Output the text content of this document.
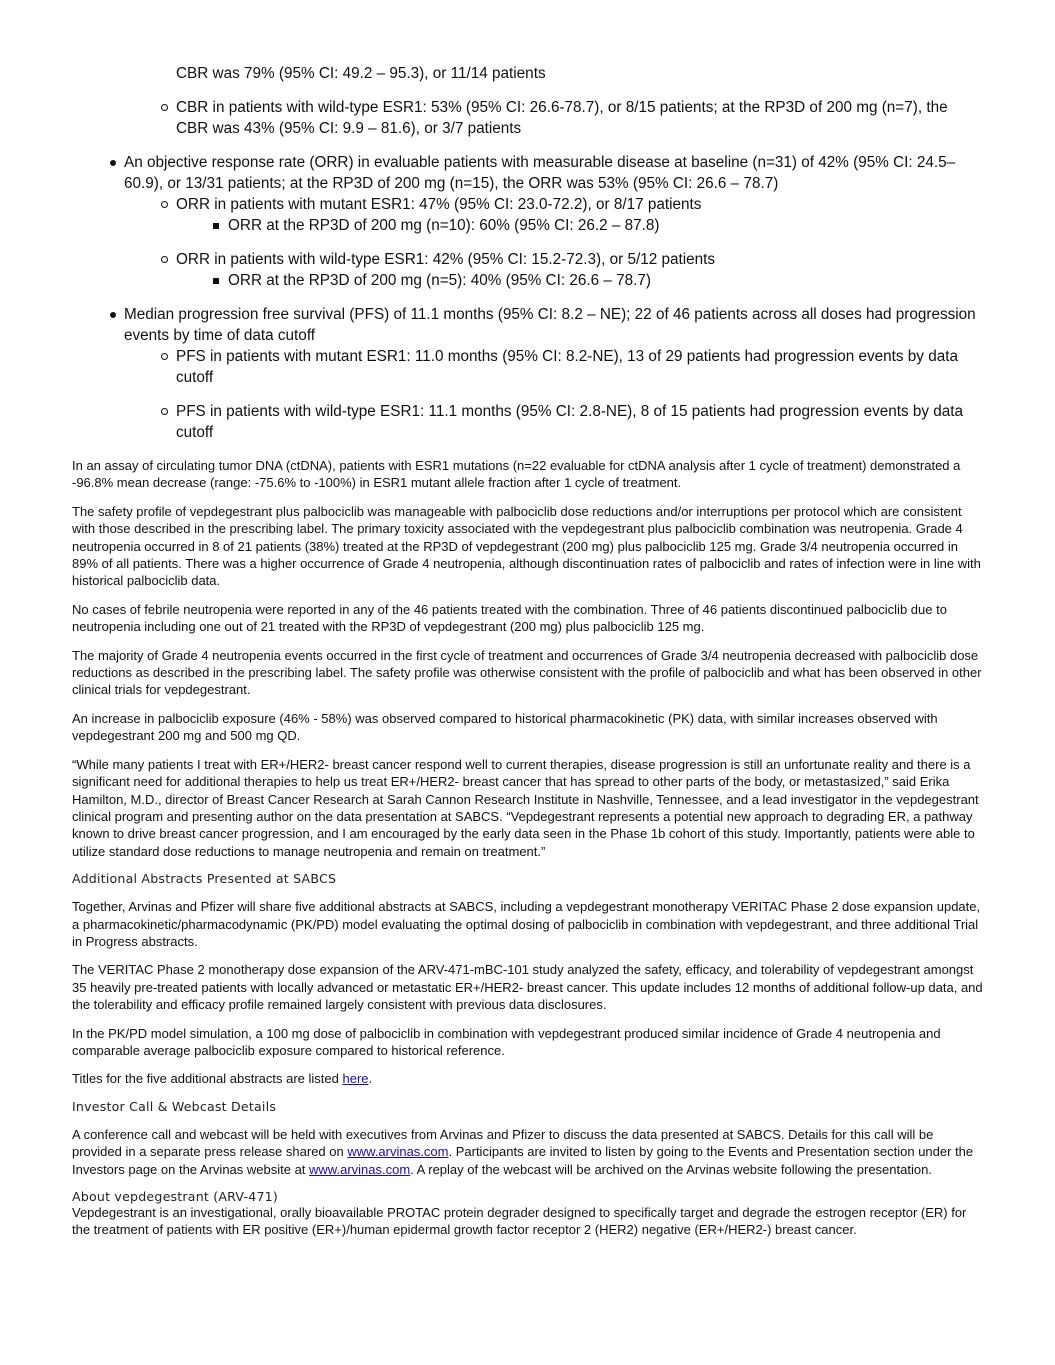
CBR was 79% (95% CI: 49.2 – 95.3), or 11/14 patients
CBR in patients with wild-type ESR1: 53% (95% CI: 26.6-78.7), or 8/15 patients; at the RP3D of 200 mg (n=7), the CBR was 43% (95% CI: 9.9 – 81.6), or 3/7 patients
An objective response rate (ORR) in evaluable patients with measurable disease at baseline (n=31) of 42% (95% CI: 24.5–60.9), or 13/31 patients; at the RP3D of 200 mg (n=15), the ORR was 53% (95% CI: 26.6 – 78.7)
ORR in patients with mutant ESR1: 47% (95% CI: 23.0-72.2), or 8/17 patients
ORR at the RP3D of 200 mg (n=10): 60% (95% CI: 26.2 – 87.8)
ORR in patients with wild-type ESR1: 42% (95% CI: 15.2-72.3), or 5/12 patients
ORR at the RP3D of 200 mg (n=5): 40% (95% CI: 26.6 – 78.7)
Median progression free survival (PFS) of 11.1 months (95% CI: 8.2 – NE); 22 of 46 patients across all doses had progression events by time of data cutoff
PFS in patients with mutant ESR1: 11.0 months (95% CI: 8.2-NE), 13 of 29 patients had progression events by data cutoff
PFS in patients with wild-type ESR1: 11.1 months (95% CI: 2.8-NE), 8 of 15 patients had progression events by data cutoff

In an assay of circulating tumor DNA (ctDNA), patients with ESR1 mutations (n=22 evaluable for ctDNA analysis after 1 cycle of treatment) demonstrated a -96.8% mean decrease (range: -75.6% to -100%) in ESR1 mutant allele fraction after 1 cycle of treatment.

The safety profile of vepdegestrant plus palbociclib was manageable with palbociclib dose reductions and/or interruptions per protocol which are consistent with those described in the prescribing label. The primary toxicity associated with the vepdegestrant plus palbociclib combination was neutropenia. Grade 4 neutropenia occurred in 8 of 21 patients (38%) treated at the RP3D of vepdegestrant (200 mg) plus palbociclib 125 mg. Grade 3/4 neutropenia occurred in 89% of all patients. There was a higher occurrence of Grade 4 neutropenia, although discontinuation rates of palbociclib and rates of infection were in line with historical palbociclib data.

No cases of febrile neutropenia were reported in any of the 46 patients treated with the combination. Three of 46 patients discontinued palbociclib due to neutropenia including one out of 21 treated with the RP3D of vepdegestrant (200 mg) plus palbociclib 125 mg.

The majority of Grade 4 neutropenia events occurred in the first cycle of treatment and occurrences of Grade 3/4 neutropenia decreased with palbociclib dose reductions as described in the prescribing label. The safety profile was otherwise consistent with the profile of palbociclib and what has been observed in other clinical trials for vepdegestrant.

An increase in palbociclib exposure (46% - 58%) was observed compared to historical pharmacokinetic (PK) data, with similar increases observed with vepdegestrant 200 mg and 500 mg QD.

“While many patients I treat with ER+/HER2- breast cancer respond well to current therapies, disease progression is still an unfortunate reality and there is a significant need for additional therapies to help us treat ER+/HER2- breast cancer that has spread to other parts of the body, or metastasized,” said Erika Hamilton, M.D., director of Breast Cancer Research at Sarah Cannon Research Institute in Nashville, Tennessee, and a lead investigator in the vepdegestrant clinical program and presenting author on the data presentation at SABCS. “Vepdegestrant represents a potential new approach to degrading ER, a pathway known to drive breast cancer progression, and I am encouraged by the early data seen in the Phase 1b cohort of this study. Importantly, patients were able to utilize standard dose reductions to manage neutropenia and remain on treatment.”

Additional Abstracts Presented at SABCS

Together, Arvinas and Pfizer will share five additional abstracts at SABCS, including a vepdegestrant monotherapy VERITAC Phase 2 dose expansion update, a pharmacokinetic/pharmacodynamic (PK/PD) model evaluating the optimal dosing of palbociclib in combination with vepdegestrant, and three additional Trial in Progress abstracts.

The VERITAC Phase 2 monotherapy dose expansion of the ARV-471-mBC-101 study analyzed the safety, efficacy, and tolerability of vepdegestrant amongst 35 heavily pre-treated patients with locally advanced or metastatic ER+/HER2- breast cancer. This update includes 12 months of additional follow-up data, and the tolerability and efficacy profile remained largely consistent with previous data disclosures.

In the PK/PD model simulation, a 100 mg dose of palbociclib in combination with vepdegestrant produced similar incidence of Grade 4 neutropenia and comparable average palbociclib exposure compared to historical reference.

Titles for the five additional abstracts are listed here.

Investor Call & Webcast Details

A conference call and webcast will be held with executives from Arvinas and Pfizer to discuss the data presented at SABCS. Details for this call will be provided in a separate press release shared on www.arvinas.com. Participants are invited to listen by going to the Events and Presentation section under the Investors page on the Arvinas website at www.arvinas.com. A replay of the webcast will be archived on the Arvinas website following the presentation.

About vepdegestrant (ARV-471)

Vepdegestrant is an investigational, orally bioavailable PROTAC protein degrader designed to specifically target and degrade the estrogen receptor (ER) for the treatment of patients with ER positive (ER+)/human epidermal growth factor receptor 2 (HER2) negative (ER+/HER2-) breast cancer.
